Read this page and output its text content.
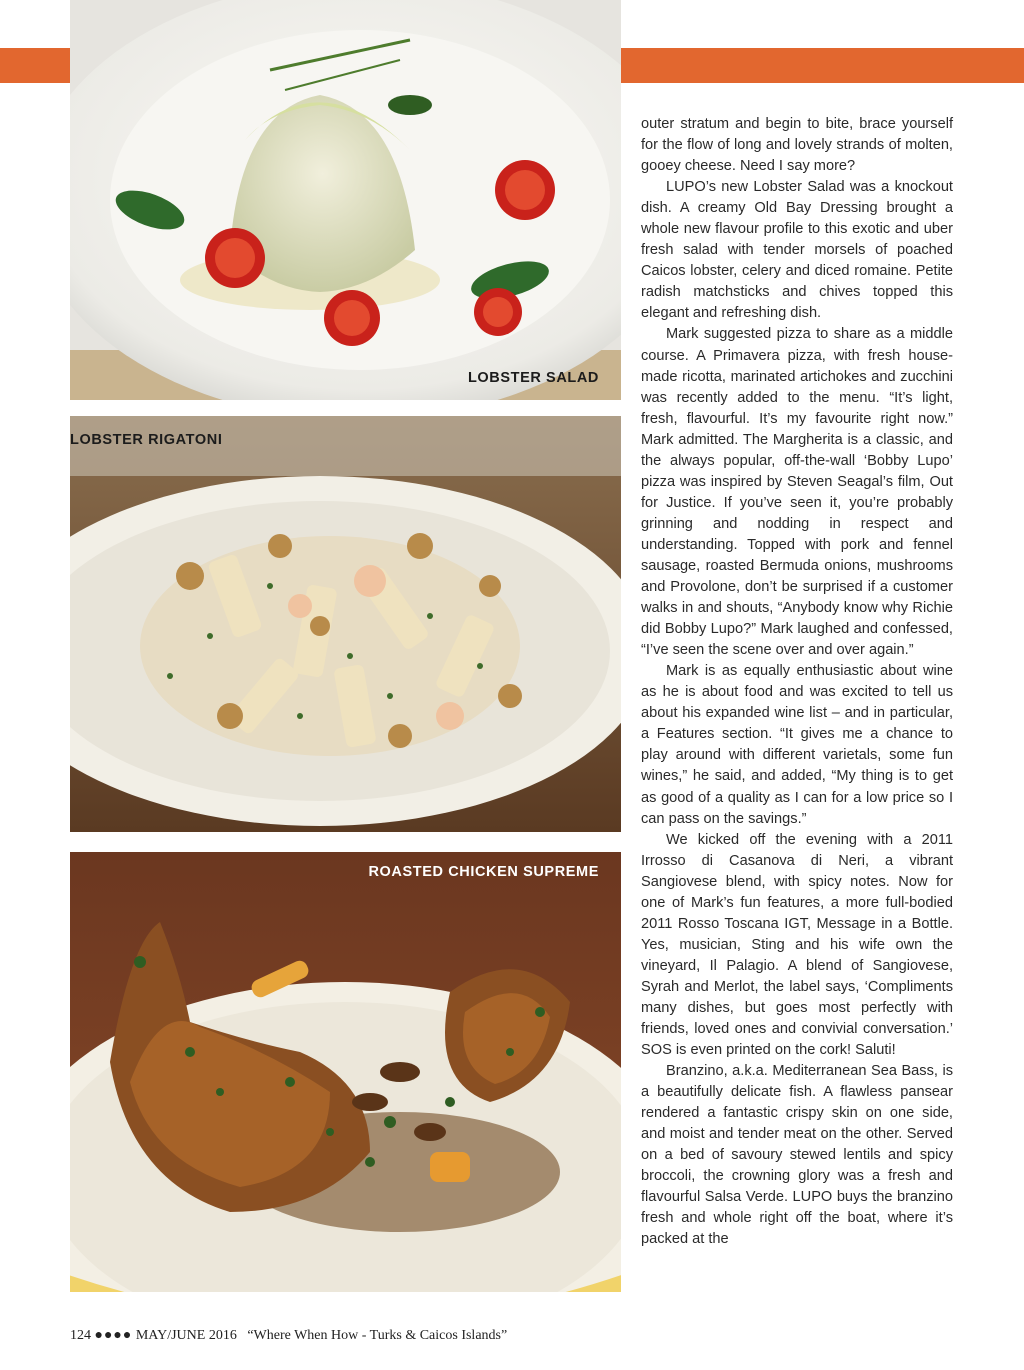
LOBSTER SALAD
LOBSTER RIGATONI
ROASTED CHICKEN SUPREME

outer stratum and begin to bite, brace yourself for the flow of long and lovely strands of molten, gooey cheese. Need I say more?

LUPO’s new Lobster Salad was a knockout dish. A creamy Old Bay Dressing brought a whole new flavour profile to this exotic and uber fresh salad with tender morsels of poached Caicos lobster, celery and diced romaine. Petite radish matchsticks and chives topped this elegant and refreshing dish.

Mark suggested pizza to share as a middle course. A Primavera pizza, with fresh housemade ricotta, marinated artichokes and zucchini was recently added to the menu. “It’s light, fresh, flavourful. It’s my favourite right now.” Mark admitted. The Margherita is a classic, and the always popular, off-the-wall ‘Bobby Lupo’ pizza was inspired by Steven Seagal’s film, Out for Justice. If you’ve seen it, you’re probably grinning and nodding in respect and understanding. Topped with pork and fennel sausage, roasted Bermuda onions, mushrooms and Provolone, don’t be surprised if a customer walks in and shouts, “Anybody know why Richie did Bobby Lupo?” Mark laughed and confessed, “I’ve seen the scene over and over again.”

Mark is as equally enthusiastic about wine as he is about food and was excited to tell us about his expanded wine list – and in particular, a Features section. “It gives me a chance to play around with different varietals, some fun wines,” he said, and added, “My thing is to get as good of a quality as I can for a low price so I can pass on the savings.”

We kicked off the evening with a 2011 Irrosso di Casanova di Neri, a vibrant Sangiovese blend, with spicy notes. Now for one of Mark’s fun features, a more full-bodied 2011 Rosso Toscana IGT, Message in a Bottle. Yes, musician, Sting and his wife own the vineyard, Il Palagio. A blend of Sangiovese, Syrah and Merlot, the label says, ‘Compliments many dishes, but goes most perfectly with friends, loved ones and convivial conversation.’ SOS is even printed on the cork! Saluti!

Branzino, a.k.a. Mediterranean Sea Bass, is a beautifully delicate fish. A flawless pansear rendered a fantastic crispy skin on one side, and moist and tender meat on the other. Served on a bed of savoury stewed lentils and spicy broccoli, the crowning glory was a fresh and flavourful Salsa Verde. LUPO buys the branzino fresh and whole right off the boat, where it’s packed at the

124 ●●●● MAY/JUNE 2016 “Where When How - Turks & Caicos Islands”
